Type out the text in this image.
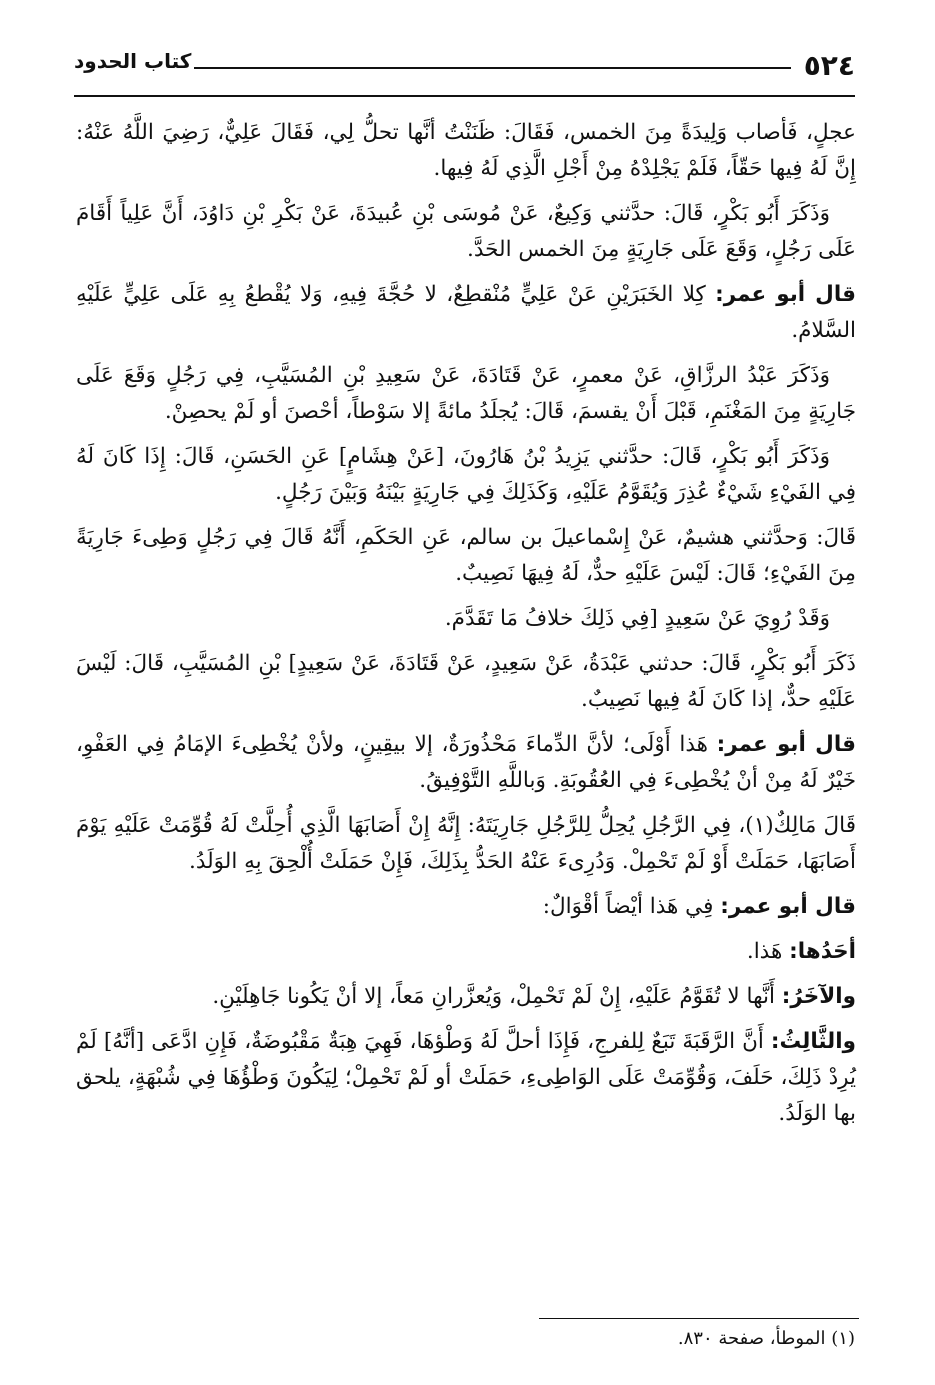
٥٢٤
كتاب الحدود

عجلٍ، فَأصاب وَلِيدَةً مِنَ الخمس، فَقَالَ: ظَنَنْتُ أنَّها تحلُّ لِي، فَقَالَ عَلِيٌّ، رَضِيَ اللَّهُ عَنْهُ: إِنَّ لَهُ فِيها حَقّاً، فَلَمْ يَجْلِدْهُ مِنْ أَجْلِ الَّذِي لَهُ فِيها.

وَذَكَرَ أَبُو بَكْرٍ، قَالَ: حدَّثني وَكِيعٌ، عَنْ مُوسَى بْنِ عُبيدَةَ، عَنْ بَكْرِ بْنِ دَاوُدَ، أَنَّ عَلِياً أَقَامَ عَلَى رَجُلٍ، وَقَعَ عَلَى جَارِيَةٍ مِنَ الخمس الحَدَّ.

قال أبو عمر: كِلا الخَبَرَيْنِ عَنْ عَلِيٍّ مُنْقطِعٌ، لا حُجَّةَ فِيهِ، وَلا يُقْطعُ بِهِ عَلَى عَلِيٍّ عَلَيْهِ السَّلامُ.

وَذَكَرَ عَبْدُ الرزَّاقِ، عَنْ معمرٍ، عَنْ قَتَادَةَ، عَنْ سَعِيدِ بْنِ المُسَيَّبِ، فِي رَجُلٍ وَقَعَ عَلَى جَارِيَةٍ مِنَ المَغْنَمِ، قَبْلَ أَنْ يقسمَ، قَالَ: يُجلَدُ مائةً إلا سَوْطاً، أحْصنَ أو لَمْ يحصِنْ.

وَذَكَرَ أَبُو بَكْرٍ، قَالَ: حدَّثني يَزِيدُ بْنُ هَارُونَ، [عَنْ هِشَامٍ] عَنِ الحَسَنِ، قَالَ: إِذَا كَانَ لَهُ فِي الفَيْءِ شَيْءٌ عُذِرَ وَيُقَوَّمُ عَلَيْهِ، وَكَذَلِكَ فِي جَارِيَةٍ بَيْنَهُ وَبَيْنَ رَجُلٍ.

قَالَ: وَحدَّثني هشيمٌ، عَنْ إِسْماعيلَ بن سالم، عَنِ الحَكَمِ، أَنَّهُ قَالَ فِي رَجُلٍ وَطِىءَ جَارِيَةً مِنَ الفَيْءِ؛ قَالَ: لَيْسَ عَلَيْهِ حدٌّ، لَهُ فِيهَا نَصِيبٌ.

وَقَدْ رُوِيَ عَنْ سَعِيدٍ [فِي ذَلِكَ خلافُ مَا تَقَدَّمَ.

ذَكَرَ أَبُو بَكْرٍ، قَالَ: حدثني عَبْدَةُ، عَنْ سَعِيدٍ، عَنْ قَتَادَةَ، عَنْ سَعِيدٍ] بْنِ المُسَيَّبِ، قَالَ: لَيْسَ عَلَيْهِ حدٌّ، إذا كَانَ لَهُ فِيها نَصِيبٌ.

قال أبو عمر: هَذا أَوْلَى؛ لأنَّ الدِّماءَ مَحْذُورَةٌ، إلا بيقِينٍ، ولأنْ يُخْطِىءَ الإمَامُ فِي العَفْوِ، خَيْرٌ لَهُ مِنْ أنْ يُخْطِىءَ فِي العُقُوبَةِ. وَباللَّهِ التَّوْفِيقُ.

قَالَ مَالِكٌ(١)، فِي الرَّجُلِ يُحِلُّ لِلرَّجُلِ جَارِيَتَهُ: إِنَّهُ إِنْ أَصَابَهَا الَّذِي أُحِلَّتْ لَهُ قُوِّمَتْ عَلَيْهِ يَوْمَ أَصَابَهَا، حَمَلَتْ أَوْ لَمْ تَحْمِلْ. وَدُرِىءَ عَنْهُ الحَدُّ بِذَلِكَ، فَإِنْ حَمَلَتْ أُلْحِقَ بِهِ الوَلَدُ.

قال أبو عمر: فِي هَذا أيْضاً أقْوَالٌ:

أحَدُها: هَذا.

والآخَرُ: أَنَّها لا تُقَوَّمُ عَلَيْهِ، إِنْ لَمْ تَحْمِلْ، وَيُعزَّرانِ مَعاً، إلا أنْ يَكُونا جَاهِلَيْنِ.

والثَّالِثُ: أَنَّ الرَّقَبَةَ تَبَعٌ لِلفرجِ، فَإِذَا أحلَّ لَهُ وَطْؤهَا، فَهِيَ هِبَةٌ مَقْبُوضَةٌ، فَإِنِ ادَّعَى [أنَّهُ] لَمْ يُرِدْ ذَلِكَ، حَلَفَ، وَقُوِّمَتْ عَلَى الوَاطِىءِ، حَمَلَتْ أو لَمْ تَحْمِلْ؛ لِيَكُونَ وَطْؤُهَا فِي شُبْهَةٍ، يلحق بها الوَلَدُ.

(١) الموطأ، صفحة ٨٣٠.
